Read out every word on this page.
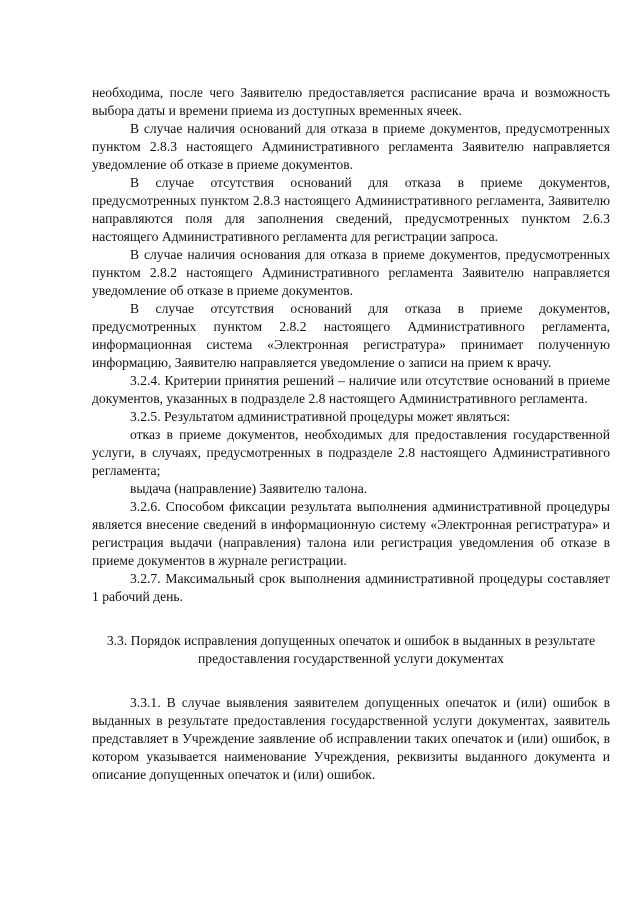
необходима, после чего Заявителю предоставляется расписание врача и возможность выбора даты и времени приема из доступных временных ячеек.

В случае наличия оснований для отказа в приеме документов, предусмотренных пунктом 2.8.3 настоящего Административного регламента Заявителю направляется уведомление об отказе в приеме документов.

В случае отсутствия оснований для отказа в приеме документов, предусмотренных пунктом 2.8.3 настоящего Административного регламента, Заявителю направляются поля для заполнения сведений, предусмотренных пунктом 2.6.3 настоящего Административного регламента для регистрации запроса.

В случае наличия основания для отказа в приеме документов, предусмотренных пунктом 2.8.2 настоящего Административного регламента Заявителю направляется уведомление об отказе в приеме документов.

В случае отсутствия оснований для отказа в приеме документов, предусмотренных пунктом 2.8.2 настоящего Административного регламента, информационная система «Электронная регистратура» принимает полученную информацию, Заявителю направляется уведомление о записи на прием к врачу.

3.2.4. Критерии принятия решений – наличие или отсутствие оснований в приеме документов, указанных в подразделе 2.8 настоящего Административного регламента.

3.2.5. Результатом административной процедуры может являться:

отказ в приеме документов, необходимых для предоставления государственной услуги, в случаях, предусмотренных в подразделе 2.8 настоящего Административного регламента;

выдача (направление) Заявителю талона.

3.2.6. Способом фиксации результата выполнения административной процедуры является внесение сведений в информационную систему «Электронная регистратура» и регистрация выдачи (направления) талона или регистрация уведомления об отказе в приеме документов в журнале регистрации.

3.2.7. Максимальный срок выполнения административной процедуры составляет 1 рабочий день.

3.3. Порядок исправления допущенных опечаток и ошибок в выданных в результате предоставления государственной услуги документах

3.3.1. В случае выявления заявителем допущенных опечаток и (или) ошибок в выданных в результате предоставления государственной услуги документах, заявитель представляет в Учреждение заявление об исправлении таких опечаток и (или) ошибок, в котором указывается наименование Учреждения, реквизиты выданного документа и описание допущенных опечаток и (или) ошибок.
